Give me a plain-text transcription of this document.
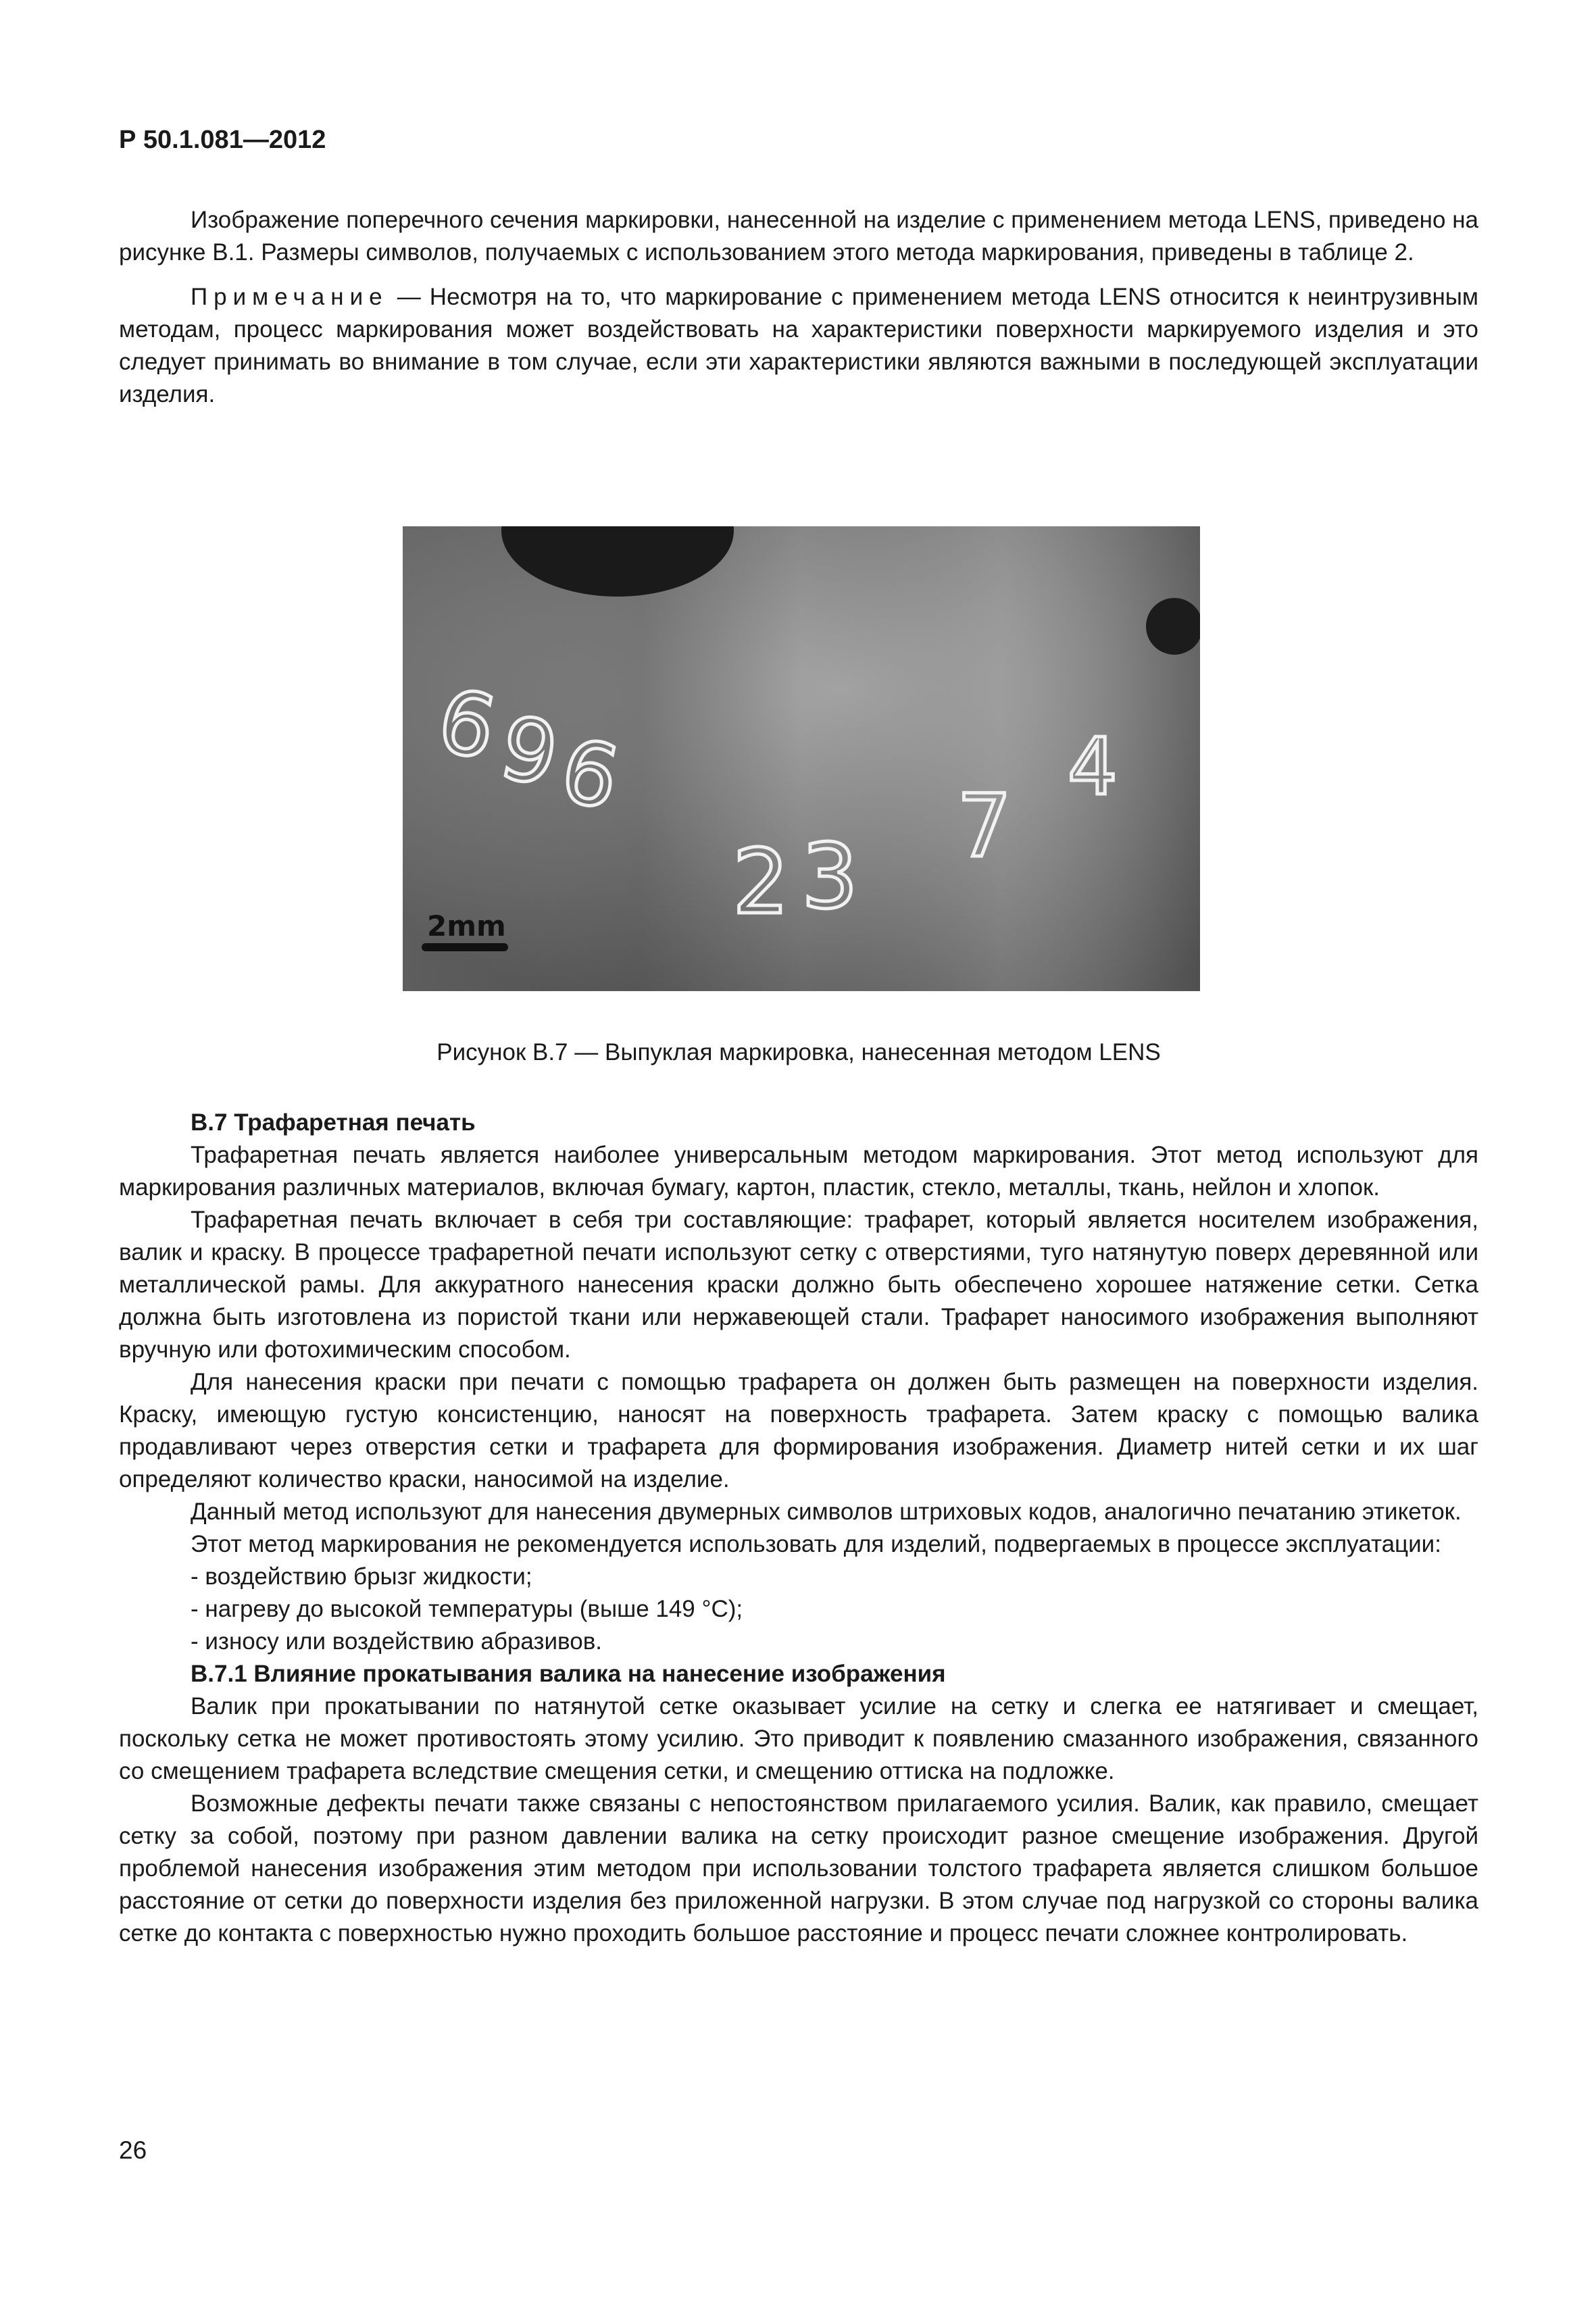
Р 50.1.081—2012

Изображение поперечного сечения маркировки, нанесенной на изделие с применением метода LENS, приведено на рисунке В.1. Размеры символов, получаемых с использованием этого метода маркирования, приведены в таблице 2.

Примечание — Несмотря на то, что маркирование с применением метода LENS относится к неинтрузивным методам, процесс маркирования может воздействовать на характеристики поверхности маркируемого изделия и это следует принимать во внимание в том случае, если эти характеристики являются важными в последующей эксплуатации изделия.

6
9
6
2 3 7
4
2mm
Рисунок В.7 — Выпуклая маркировка, нанесенная методом LENS

В.7 Трафаретная печать

Трафаретная печать является наиболее универсальным методом маркирования. Этот метод используют для маркирования различных материалов, включая бумагу, картон, пластик, стекло, металлы, ткань, нейлон и хлопок.

Трафаретная печать включает в себя три составляющие: трафарет, который является носителем изображения, валик и краску. В процессе трафаретной печати используют сетку с отверстиями, туго натянутую поверх деревянной или металлической рамы. Для аккуратного нанесения краски должно быть обеспечено хорошее натяжение сетки. Сетка должна быть изготовлена из пористой ткани или нержавеющей стали. Трафарет наносимого изображения выполняют вручную или фотохимическим способом.

Для нанесения краски при печати с помощью трафарета он должен быть размещен на поверхности изделия. Краску, имеющую густую консистенцию, наносят на поверхность трафарета. Затем краску с помощью валика продавливают через отверстия сетки и трафарета для формирования изображения. Диаметр нитей сетки и их шаг определяют количество краски, наносимой на изделие.

Данный метод используют для нанесения двумерных символов штриховых кодов, аналогично печатанию этикеток.

Этот метод маркирования не рекомендуется использовать для изделий, подвергаемых в процессе эксплуатации:

- воздействию брызг жидкости;

- нагреву до высокой температуры (выше 149 °С);

- износу или воздействию абразивов.

В.7.1 Влияние прокатывания валика на нанесение изображения

Валик при прокатывании по натянутой сетке оказывает усилие на сетку и слегка ее натягивает и смещает, поскольку сетка не может противостоять этому усилию. Это приводит к появлению смазанного изображения, связанного со смещением трафарета вследствие смещения сетки, и смещению оттиска на подложке.

Возможные дефекты печати также связаны с непостоянством прилагаемого усилия. Валик, как правило, смещает сетку за собой, поэтому при разном давлении валика на сетку происходит разное смещение изображения. Другой проблемой нанесения изображения этим методом при использовании толстого трафарета является слишком большое расстояние от сетки до поверхности изделия без приложенной нагрузки. В этом случае под нагрузкой со стороны валика сетке до контакта с поверхностью нужно проходить большое расстояние и процесс печати сложнее контролировать.

26
